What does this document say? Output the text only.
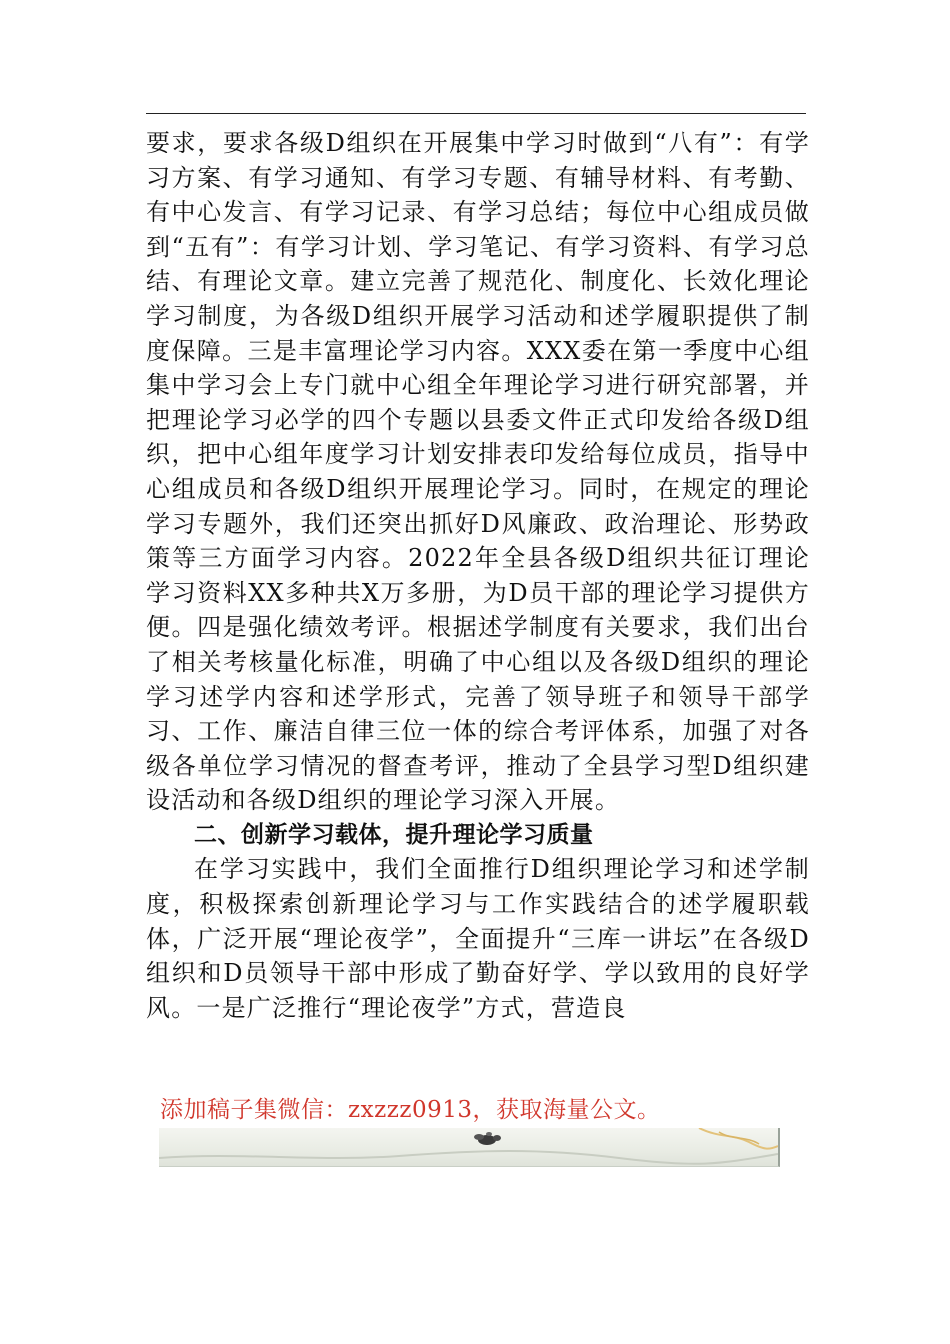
要求，要求各级D组织在开展集中学习时做到“八有”：有学习方案、有学习通知、有学习专题、有辅导材料、有考勤、有中心发言、有学习记录、有学习总结；每位中心组成员做到“五有”：有学习计划、学习笔记、有学习资料、有学习总结、有理论文章。建立完善了规范化、制度化、长效化理论学习制度，为各级D组织开展学习活动和述学履职提供了制度保障。三是丰富理论学习内容。XXX委在第一季度中心组集中学习会上专门就中心组全年理论学习进行研究部署，并把理论学习必学的四个专题以县委文件正式印发给各级D组织，把中心组年度学习计划安排表印发给每位成员，指导中心组成员和各级D组织开展理论学习。同时，在规定的理论学习专题外，我们还突出抓好D风廉政、政治理论、形势政策等三方面学习内容。2022年全县各级D组织共征订理论学习资料XX多种共X万多册，为D员干部的理论学习提供方便。四是强化绩效考评。根据述学制度有关要求，我们出台了相关考核量化标准，明确了中心组以及各级D组织的理论学习述学内容和述学形式，完善了领导班子和领导干部学习、工作、廉洁自律三位一体的综合考评体系，加强了对各级各单位学习情况的督查考评，推动了全县学习型D组织建设活动和各级D组织的理论学习深入开展。

二、创新学习载体，提升理论学习质量

在学习实践中，我们全面推行D组织理论学习和述学制度，积极探索创新理论学习与工作实践结合的述学履职载体，广泛开展“理论夜学”，全面提升“三库一讲坛”在各级D组织和D员领导干部中形成了勤奋好学、学以致用的良好学风。一是广泛推行“理论夜学”方式，营造良

添加稿子集微信：zxzzz0913，获取海量公文。
